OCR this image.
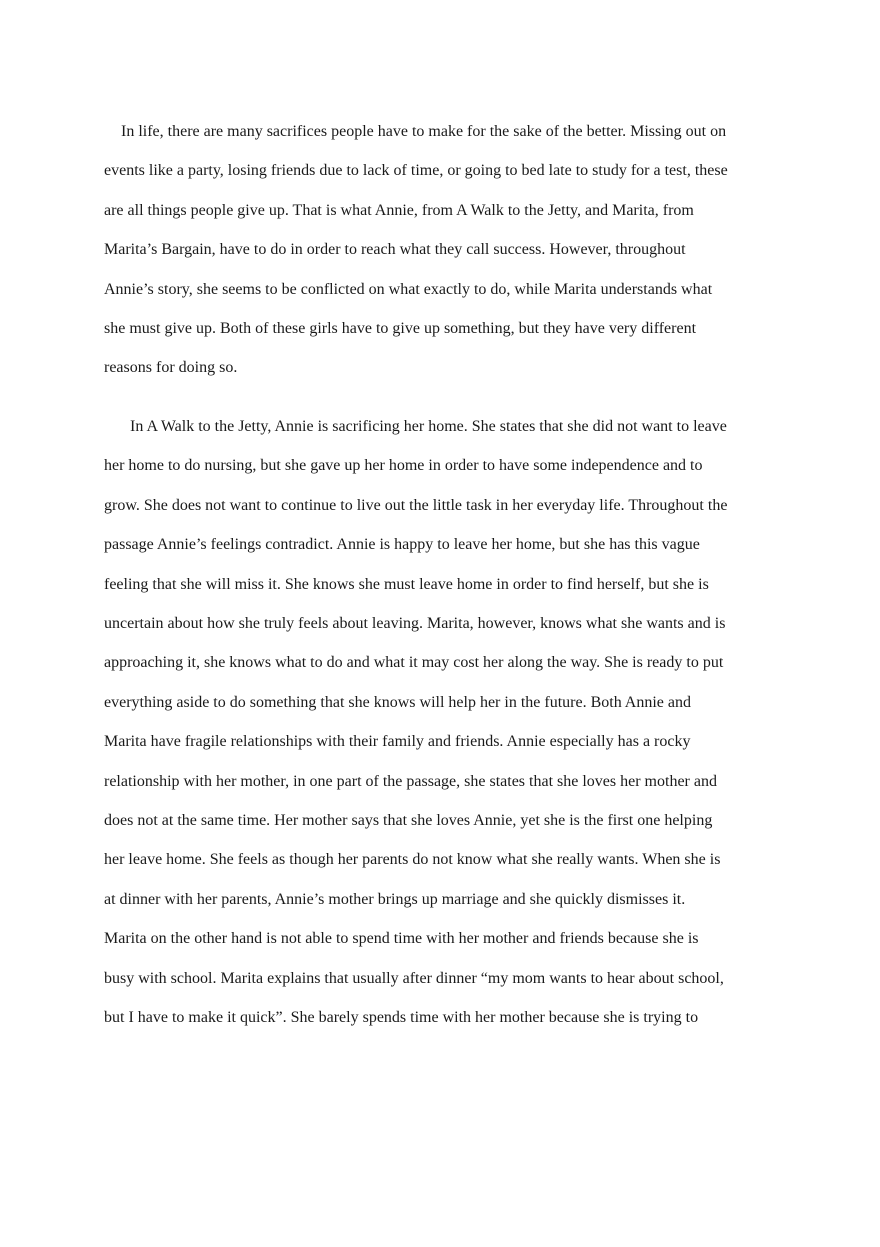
In life, there are many sacrifices people have to make for the sake of the better. Missing out on
events like a party, losing friends due to lack of time, or going to bed late to study for a test, these
are all things people give up. That is what Annie, from A Walk to the Jetty, and Marita, from
Marita’s Bargain, have to do in order to reach what they call success. However, throughout
Annie’s story, she seems to be conflicted on what exactly to do, while Marita understands what
she must give up. Both of these girls have to give up something, but they have very different
reasons for doing so.
In A Walk to the Jetty, Annie is sacrificing her home. She states that she did not want to leave
her home to do nursing, but she gave up her home in order to have some independence and to
grow. She does not want to continue to live out the little task in her everyday life. Throughout the
passage Annie’s feelings contradict. Annie is happy to leave her home, but she has this vague
feeling that she will miss it. She knows she must leave home in order to find herself, but she is
uncertain about how she truly feels about leaving. Marita, however, knows what she wants and is
approaching it, she knows what to do and what it may cost her along the way. She is ready to put
everything aside to do something that she knows will help her in the future. Both Annie and
Marita have fragile relationships with their family and friends. Annie especially has a rocky
relationship with her mother, in one part of the passage, she states that she loves her mother and
does not at the same time. Her mother says that she loves Annie, yet she is the first one helping
her leave home. She feels as though her parents do not know what she really wants. When she is
at dinner with her parents, Annie’s mother brings up marriage and she quickly dismisses it.
Marita on the other hand is not able to spend time with her mother and friends because she is
busy with school. Marita explains that usually after dinner “my mom wants to hear about school,
but I have to make it quick”. She barely spends time with her mother because she is trying to
